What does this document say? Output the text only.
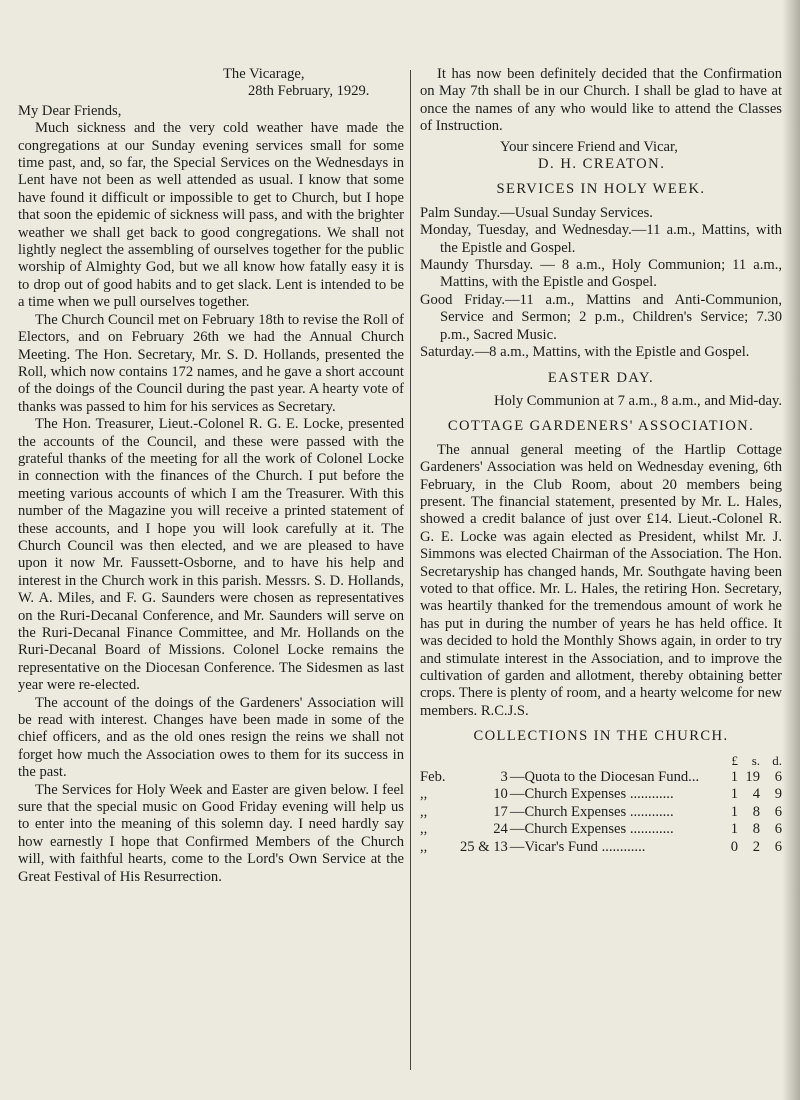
The Vicarage,

28th February, 1929.

My Dear Friends,

Much sickness and the very cold weather have made the congregations at our Sunday evening services small for some time past, and, so far, the Special Services on the Wednesdays in Lent have not been as well attended as usual. I know that some have found it difficult or impossible to get to Church, but I hope that soon the epidemic of sickness will pass, and with the brighter weather we shall get back to good congregations. We shall not lightly neglect the assembling of ourselves together for the public worship of Almighty God, but we all know how fatally easy it is to drop out of good habits and to get slack. Lent is intended to be a time when we pull ourselves together.

The Church Council met on February 18th to revise the Roll of Electors, and on February 26th we had the Annual Church Meeting. The Hon. Secretary, Mr. S. D. Hollands, presented the Roll, which now contains 172 names, and he gave a short account of the doings of the Council during the past year. A hearty vote of thanks was passed to him for his services as Secretary.

The Hon. Treasurer, Lieut.-Colonel R. G. E. Locke, presented the accounts of the Council, and these were passed with the grateful thanks of the meeting for all the work of Colonel Locke in connection with the finances of the Church. I put before the meeting various accounts of which I am the Treasurer. With this number of the Magazine you will receive a printed statement of these accounts, and I hope you will look carefully at it. The Church Council was then elected, and we are pleased to have upon it now Mr. Faussett-Osborne, and to have his help and interest in the Church work in this parish. Messrs. S. D. Hollands, W. A. Miles, and F. G. Saunders were chosen as representatives on the Ruri-Decanal Conference, and Mr. Saunders will serve on the Ruri-Decanal Finance Committee, and Mr. Hollands on the Ruri-Decanal Board of Missions. Colonel Locke remains the representative on the Diocesan Conference. The Sidesmen as last year were re-elected.

The account of the doings of the Gardeners' Association will be read with interest. Changes have been made in some of the chief officers, and as the old ones resign the reins we shall not forget how much the Association owes to them for its success in the past.

The Services for Holy Week and Easter are given below. I feel sure that the special music on Good Friday evening will help us to enter into the meaning of this solemn day. I need hardly say how earnestly I hope that Confirmed Members of the Church will, with faithful hearts, come to the Lord's Own Service at the Great Festival of His Resurrection.

It has now been definitely decided that the Confirmation on May 7th shall be in our Church. I shall be glad to have at once the names of any who would like to attend the Classes of Instruction.

Your sincere Friend and Vicar,

D. H. CREATON.

SERVICES IN HOLY WEEK.

Palm Sunday.—Usual Sunday Services.

Monday, Tuesday, and Wednesday.—11 a.m., Mattins, with the Epistle and Gospel.

Maundy Thursday. — 8 a.m., Holy Communion; 11 a.m., Mattins, with the Epistle and Gospel.

Good Friday.—11 a.m., Mattins and Anti-Communion, Service and Sermon; 2 p.m., Children's Service; 7.30 p.m., Sacred Music.

Saturday.—8 a.m., Mattins, with the Epistle and Gospel.

EASTER DAY.

Holy Communion at 7 a.m., 8 a.m., and Mid-day.

COTTAGE GARDENERS' ASSOCIATION.

The annual general meeting of the Hartlip Cottage Gardeners' Association was held on Wednesday evening, 6th February, in the Club Room, about 20 members being present. The financial statement, presented by Mr. L. Hales, showed a credit balance of just over £14. Lieut.-Colonel R. G. E. Locke was again elected as President, whilst Mr. J. Simmons was elected Chairman of the Association. The Hon. Secretaryship has changed hands, Mr. Southgate having been voted to that office. Mr. L. Hales, the retiring Hon. Secretary, was heartily thanked for the tremendous amount of work he has put in during the number of years he has held office. It was decided to hold the Monthly Shows again, in order to try and stimulate interest in the Association, and to improve the cultivation of garden and allotment, thereby obtaining better crops. There is plenty of room, and a hearty welcome for new members. R.C.J.S.

COLLECTIONS IN THE CHURCH.

			£	s.	d.
Feb.	3	—Quota to the Diocesan Fund...	1	19	6
,,	10	—Church Expenses ............	1	4	9
,,	17	—Church Expenses ............	1	8	6
,,	24	—Church Expenses ............	1	8	6
,,	25 & 13	—Vicar's Fund ............	0	2	6
